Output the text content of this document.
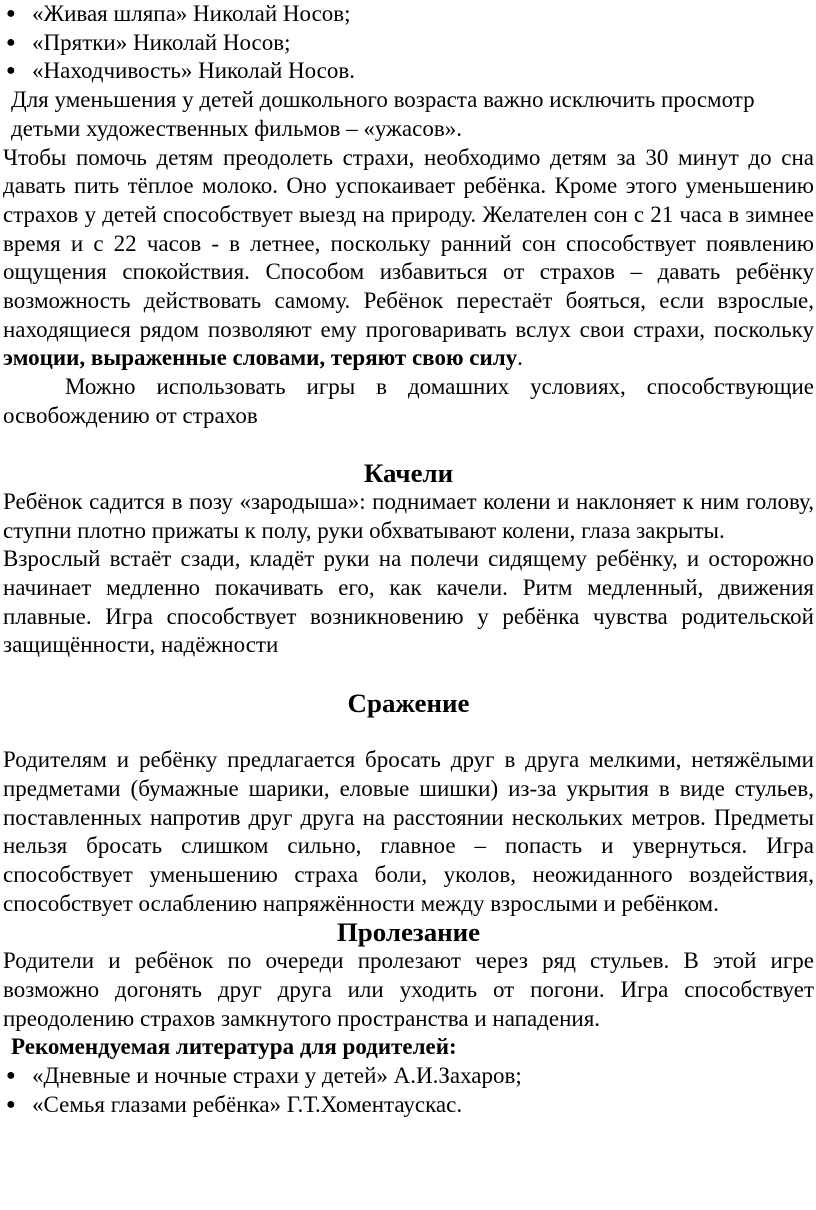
● «Живая шляпа» Николай Носов;
● «Прятки» Николай Носов;
● «Находчивость» Николай Носов.

Для уменьшения у детей дошкольного возраста важно исключить просмотр детьми художественных фильмов – «ужасов».

Чтобы помочь детям преодолеть страхи, необходимо детям за 30 минут до сна давать пить тёплое молоко. Оно успокаивает ребёнка. Кроме этого уменьшению страхов у детей способствует выезд на природу. Желателен сон с 21 часа в зимнее время и с 22 часов - в летнее, поскольку ранний сон способствует появлению ощущения спокойствия. Способом избавиться от страхов – давать ребёнку возможность действовать самому. Ребёнок перестаёт бояться, если взрослые, находящиеся рядом позволяют ему проговаривать вслух свои страхи, поскольку эмоции, выраженные словами, теряют свою силу.

Можно использовать игры в домашних условиях, способствующие освобождению от страхов

Качели

Ребёнок садится в позу «зародыша»: поднимает колени и наклоняет к ним голову, ступни плотно прижаты к полу, руки обхватывают колени, глаза закрыты.

Взрослый встаёт сзади, кладёт руки на полечи сидящему ребёнку, и осторожно начинает медленно покачивать его, как качели. Ритм медленный, движения плавные. Игра способствует возникновению у ребёнка чувства родительской защищённости, надёжности

Сражение

Родителям и ребёнку предлагается бросать друг в друга мелкими, нетяжёлыми предметами (бумажные шарики, еловые шишки) из-за укрытия в виде стульев, поставленных напротив друг друга на расстоянии нескольких метров. Предметы нельзя бросать слишком сильно, главное – попасть и увернуться. Игра способствует уменьшению страха боли, уколов, неожиданного воздействия, способствует ослаблению напряжённости между взрослыми и ребёнком.

Пролезание

Родители и ребёнок по очереди пролезают через ряд стульев. В этой игре возможно догонять друг друга или уходить от погони. Игра способствует преодолению страхов замкнутого пространства и нападения.

Рекомендуемая литература для родителей:

● «Дневные и ночные страхи у детей» А.И.Захаров;
● «Семья глазами ребёнка» Г.Т.Хоментаускас.
